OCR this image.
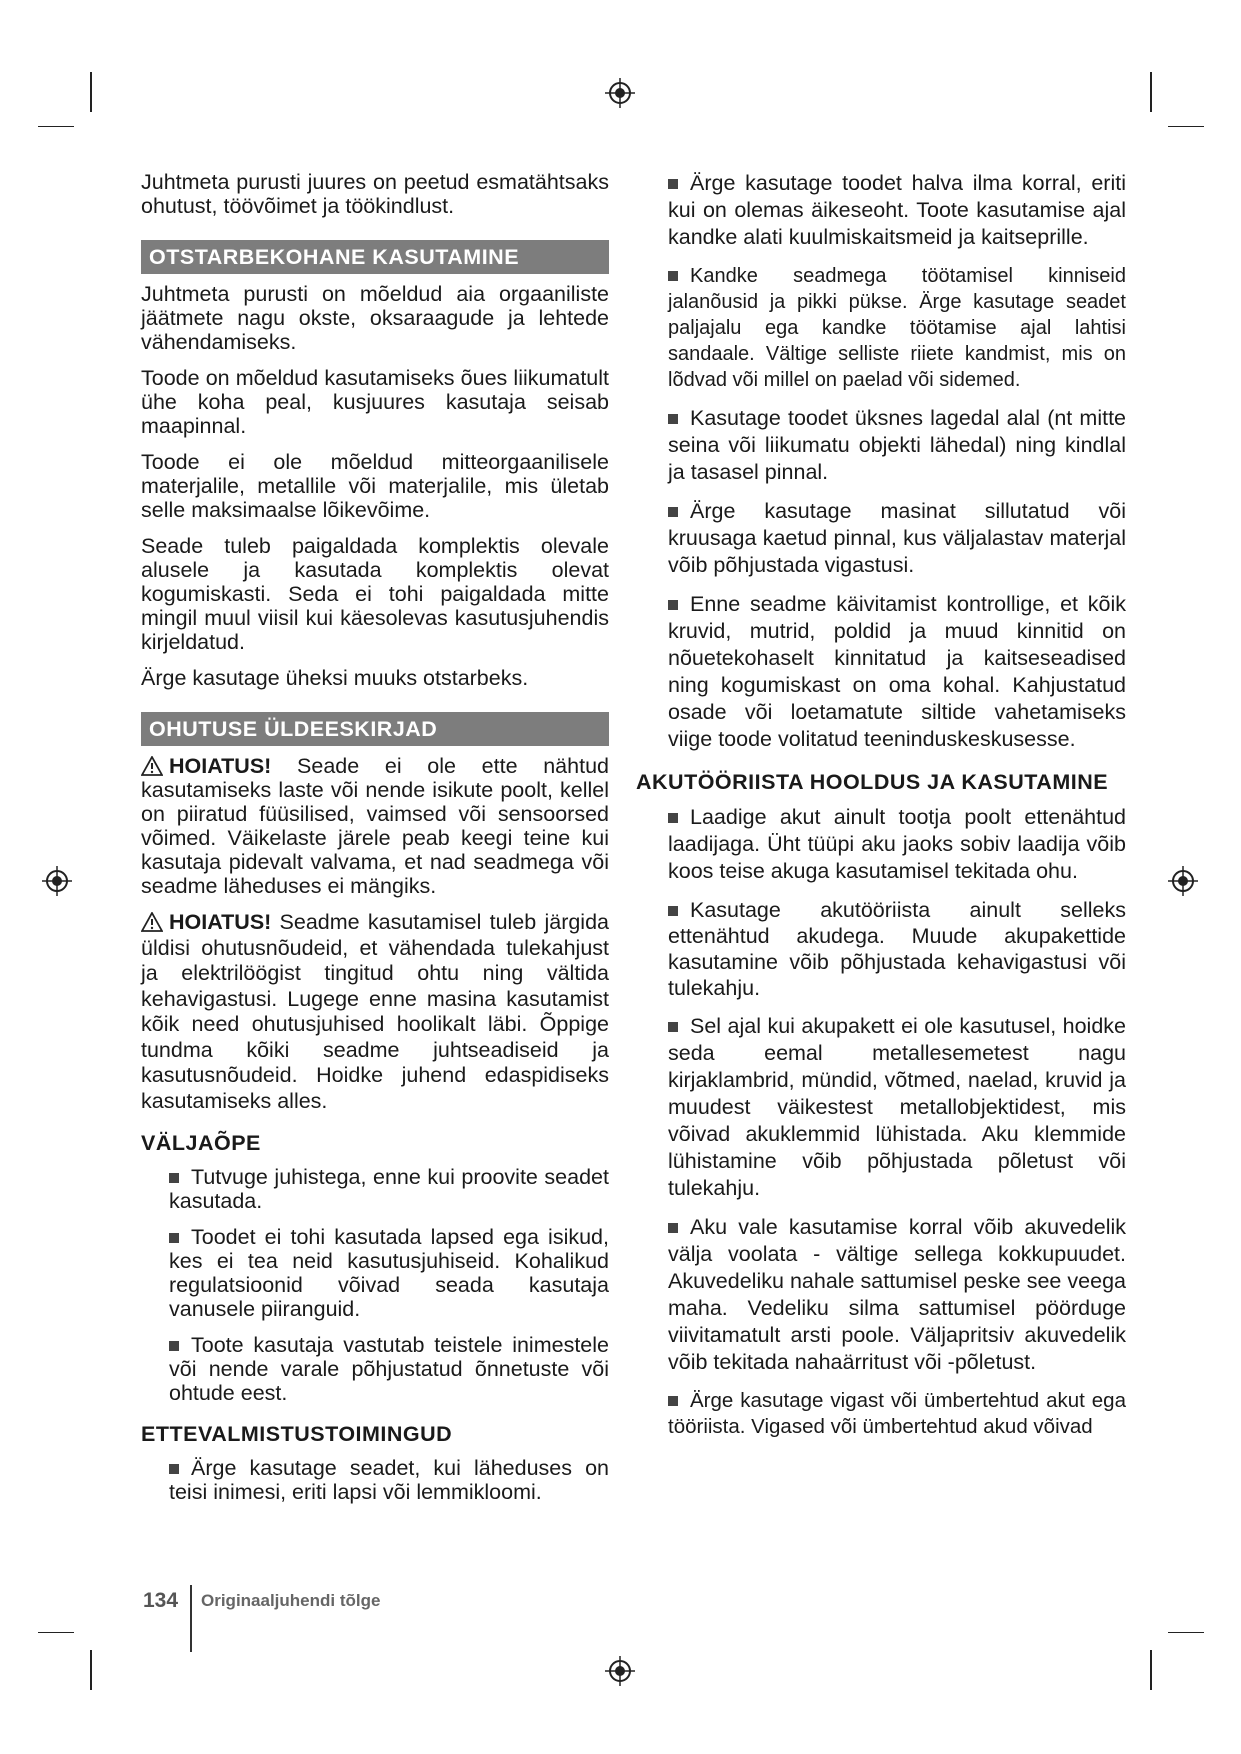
Juhtmeta purusti juures on peetud esmatähtsaks ohutust, töövõimet ja töökindlust.

OTSTARBEKOHANE KASUTAMINE

Juhtmeta purusti on mõeldud aia orgaaniliste jäätmete nagu okste, oksaraagude ja lehtede vähendamiseks.

Toode on mõeldud kasutamiseks õues liikumatult ühe koha peal, kusjuures kasutaja seisab maapinnal.

Toode ei ole mõeldud mitteorgaanilisele materjalile, metallile või materjalile, mis ületab selle maksimaalse lõikevõime.

Seade tuleb paigaldada komplektis olevale alusele ja kasutada komplektis olevat kogumiskasti. Seda ei tohi paigaldada mitte mingil muul viisil kui käesolevas kasutusjuhendis kirjeldatud.

Ärge kasutage üheksi muuks otstarbeks.

OHUTUSE ÜLDEESKIRJAD

HOIATUS! Seade ei ole ette nähtud kasutamiseks laste või nende isikute poolt, kellel on piiratud füüsilised, vaimsed või sensoorsed võimed. Väikelaste järele peab keegi teine kui kasutaja pidevalt valvama, et nad seadmega või seadme läheduses ei mängiks.

HOIATUS! Seadme kasutamisel tuleb järgida üldisi ohutusnõudeid, et vähendada tulekahjust ja elektrilöögist tingitud ohtu ning vältida kehavigastusi. Lugege enne masina kasutamist kõik need ohutusjuhised hoolikalt läbi. Õppige tundma kõiki seadme juhtseadiseid ja kasutusnõudeid. Hoidke juhend edaspidiseks kasutamiseks alles.

VÄLJAÕPE
Tutvuge juhistega, enne kui proovite seadet kasutada.
Toodet ei tohi kasutada lapsed ega isikud, kes ei tea neid kasutusjuhiseid. Kohalikud regulatsioonid võivad seada kasutaja vanusele piiranguid.
Toote kasutaja vastutab teistele inimestele või nende varale põhjustatud õnnetuste või ohtude eest.
ETTEVALMISTUSTOIMINGUD
Ärge kasutage seadet, kui läheduses on teisi inimesi, eriti lapsi või lemmikloomi.
Ärge kasutage toodet halva ilma korral, eriti kui on olemas äikeseoht. Toote kasutamise ajal kandke alati kuulmiskaitsmeid ja kaitseprille.
Kandke seadmega töötamisel kinniseid jalanõusid ja pikki pükse. Ärge kasutage seadet paljajalu ega kandke töötamise ajal lahtisi sandaale. Vältige selliste riiete kandmist, mis on lõdvad või millel on paelad või sidemed.
Kasutage toodet üksnes lagedal alal (nt mitte seina või liikumatu objekti lähedal) ning kindlal ja tasasel pinnal.
Ärge kasutage masinat sillutatud või kruusaga kaetud pinnal, kus väljalastav materjal võib põhjustada vigastusi.
Enne seadme käivitamist kontrollige, et kõik kruvid, mutrid, poldid ja muud kinnitid on nõuetekohaselt kinnitatud ja kaitseseadised ning kogumiskast on oma kohal. Kahjustatud osade või loetamatute siltide vahetamiseks viige toode volitatud teeninduskeskusesse.
AKUTÖÖRIISTA HOOLDUS JA KASUTAMINE
Laadige akut ainult tootja poolt ettenähtud laadijaga. Üht tüüpi aku jaoks sobiv laadija võib koos teise akuga kasutamisel tekitada ohu.
Kasutage akutööriista ainult selleks ettenähtud akudega. Muude akupakettide kasutamine võib põhjustada kehavigastusi või tulekahju.
Sel ajal kui akupakett ei ole kasutusel, hoidke seda eemal metallesemetest nagu kirjaklambrid, mündid, võtmed, naelad, kruvid ja muudest väikestest metallobjektidest, mis võivad akuklemmid lühistada. Aku klemmide lühistamine võib põhjustada põletust või tulekahju.
Aku vale kasutamise korral võib akuvedelik välja voolata - vältige sellega kokkupuudet. Akuvedeliku nahale sattumisel peske see veega maha. Vedeliku silma sattumisel pöörduge viivitamatult arsti poole. Väljapritsiv akuvedelik võib tekitada nahaärritust või -põletust.
Ärge kasutage vigast või ümbertehtud akut ega tööriista. Vigased või ümbertehtud akud võivad
134 Originaaljuhendi tõlge
